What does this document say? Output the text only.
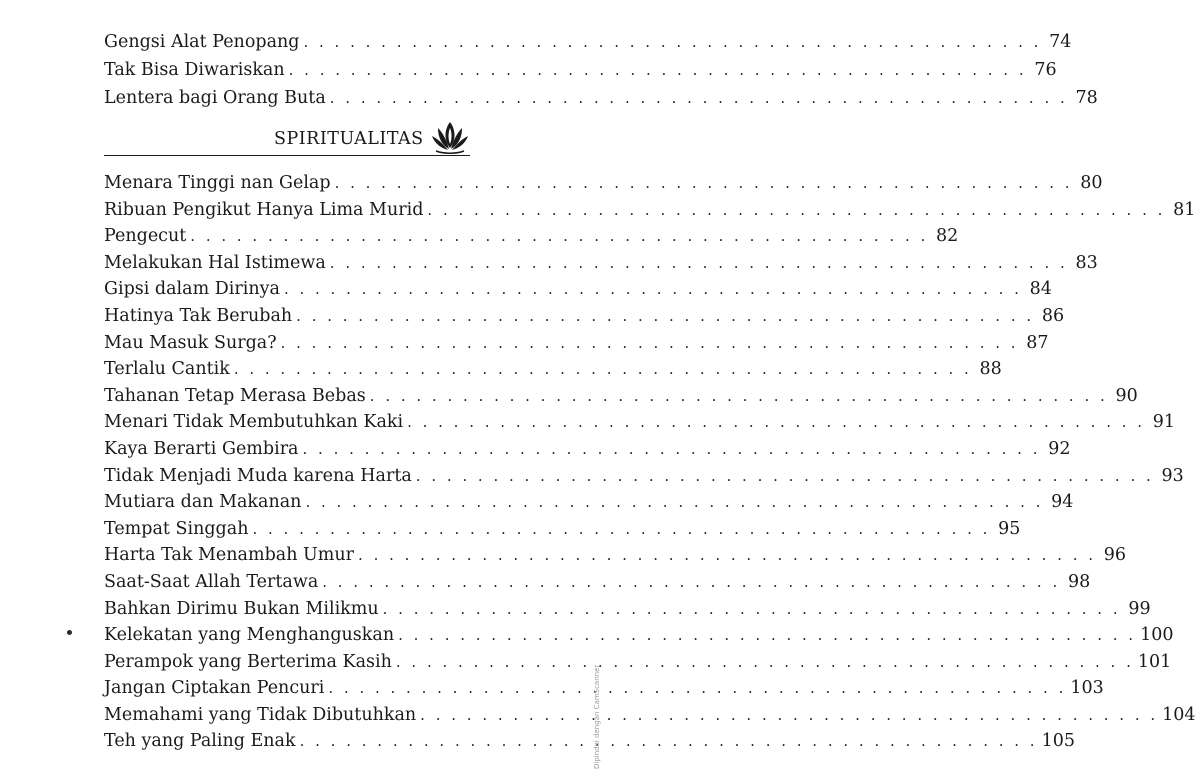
Gengsi Alat Penopang . . .	74
Tak Bisa Diwariskan . . .	76
Lentera bagi Orang Buta . . .	78
SPIRITUALITAS
Menara Tinggi nan Gelap . . .	80
Ribuan Pengikut Hanya Lima Murid . . .	81
Pengecut . . .	82
Melakukan Hal Istimewa . . .	83
Gipsi dalam Dirinya . . .	84
Hatinya Tak Berubah . . .	86
Mau Masuk Surga? . . .	87
Terlalu Cantik . . .	88
Tahanan Tetap Merasa Bebas . . .	90
Menari Tidak Membutuhkan Kaki . . .	91
Kaya Berarti Gembira . . .	92
Tidak Menjadi Muda karena Harta . . .	93
Mutiara dan Makanan . . .	94
Tempat Singgah . . .	95
Harta Tak Menambah Umur . . .	96
Saat-Saat Allah Tertawa . . .	98
Bahkan Dirimu Bukan Milikmu . . .	99
Kelekatan yang Menghanguskan . . .	100
Perampok yang Berterima Kasih . . .	101
Jangan Ciptakan Pencuri . . .	103
Memahami yang Tidak Dibutuhkan . . .	104
Teh yang Paling Enak . . .	105
Dipindai dengan CamScanner
